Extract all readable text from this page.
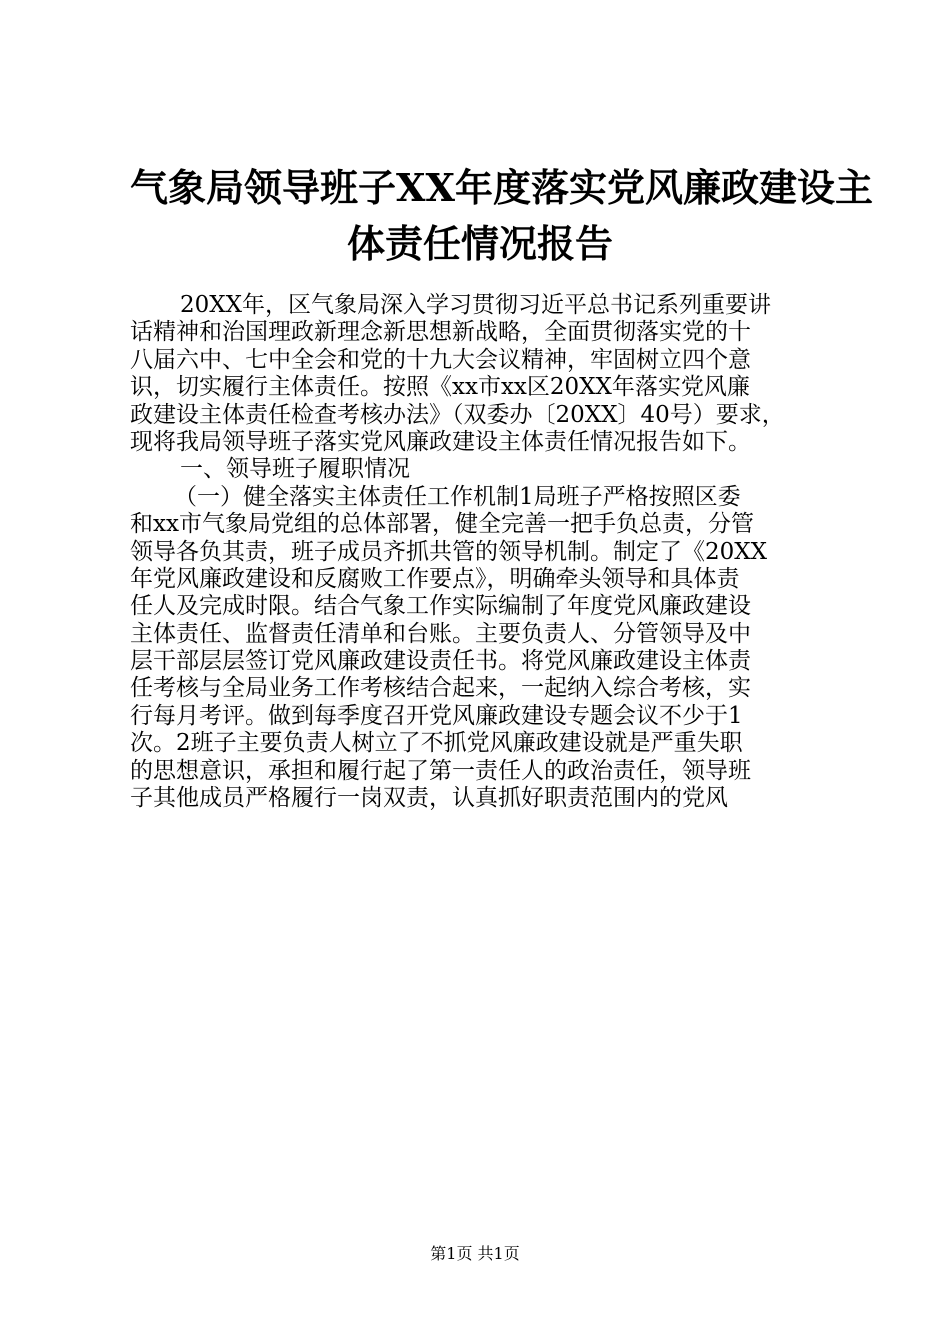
气象局领导班子XX年度落实党风廉政建设主
体责任情况报告
20XX年，区气象局深入学习贯彻习近平总书记系列重要讲
话精神和治国理政新理念新思想新战略，全面贯彻落实党的十
八届六中、七中全会和党的十九大会议精神，牢固树立四个意
识，切实履行主体责任。按照《xx市xx区20XX年落实党风廉
政建设主体责任检查考核办法》（双委办〔20XX〕40号）要求，
现将我局领导班子落实党风廉政建设主体责任情况报告如下。
一、领导班子履职情况
（一）健全落实主体责任工作机制1局班子严格按照区委
和xx市气象局党组的总体部署，健全完善一把手负总责，分管
领导各负其责，班子成员齐抓共管的领导机制。制定了《20XX
年党风廉政建设和反腐败工作要点》，明确牵头领导和具体责
任人及完成时限。结合气象工作实际编制了年度党风廉政建设
主体责任、监督责任清单和台账。主要负责人、分管领导及中
层干部层层签订党风廉政建设责任书。将党风廉政建设主体责
任考核与全局业务工作考核结合起来，一起纳入综合考核，实
行每月考评。做到每季度召开党风廉政建设专题会议不少于1
次。2班子主要负责人树立了不抓党风廉政建设就是严重失职
的思想意识，承担和履行起了第一责任人的政治责任，领导班
子其他成员严格履行一岗双责，认真抓好职责范围内的党风
第1页 共1页
